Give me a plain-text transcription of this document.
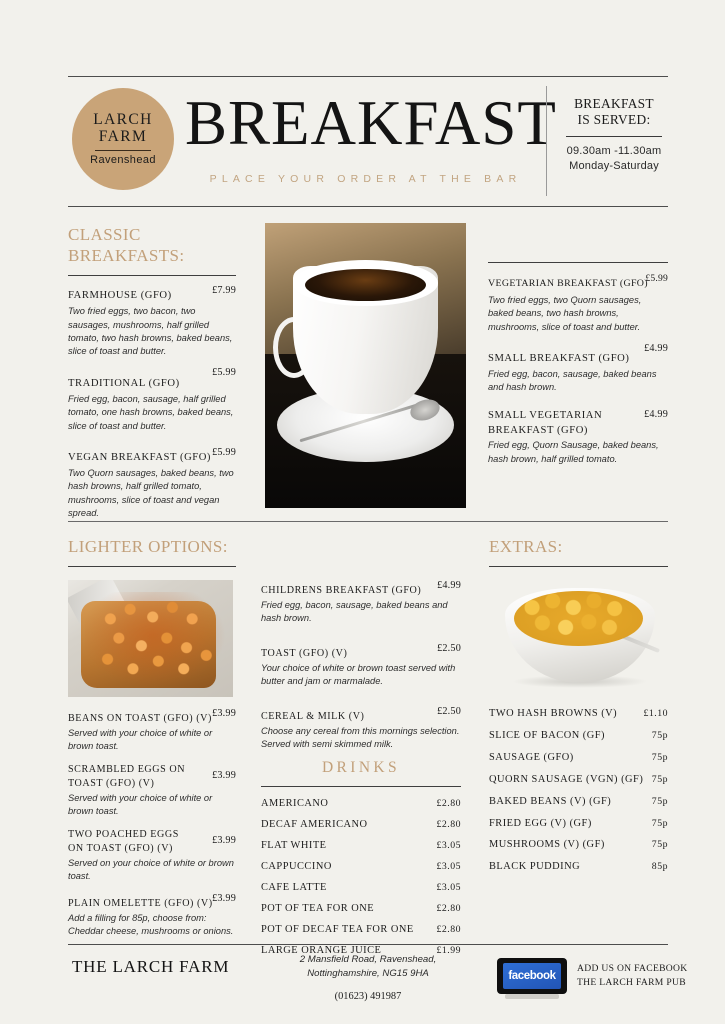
LARCH
FARM
Ravenshead
BREAKFAST
PLACE YOUR ORDER AT THE BAR
BREAKFAST
IS SERVED:
09.30am -11.30am
Monday-Saturday
CLASSIC
BREAKFASTS:
FARMHOUSE (GFO)	£7.99
Two fried eggs, two bacon, two sausages, mushrooms, half grilled tomato, two hash browns, baked beans, slice of toast and butter.
TRADITIONAL (GFO)
£5.99
Fried egg, bacon, sausage, half grilled tomato, one hash browns, baked beans, slice of toast and butter.
VEGAN BREAKFAST (GFO) £5.99
Two Quorn sausages, baked beans, two hash browns, half grilled tomato, mushrooms, slice of toast and vegan spread.
VEGETARIAN BREAKFAST (GFO)
£5.99
Two fried eggs, two Quorn sausages, baked beans, two hash browns, mushrooms, slice of toast and butter.
SMALL BREAKFAST (GFO)
£4.99
Fried egg, bacon, sausage, baked beans and hash brown.
SMALL VEGETARIAN BREAKFAST (GFO)
£4.99
Fried egg, Quorn Sausage, baked beans, hash brown, half grilled tomato.
LIGHTER OPTIONS:	EXTRAS:
BEANS ON TOAST (GFO) (V) £3.99
Served with your choice of white or brown toast.
SCRAMBLED EGGS ON TOAST (GFO) (V)
£3.99
Served with your choice of white or brown toast.
TWO POACHED EGGS ON TOAST (GFO) (V)
£3.99
Served on your choice of white or brown toast.
PLAIN OMELETTE (GFO) (V) £3.99
Add a filling for 85p, choose from: Cheddar cheese, mushrooms or onions.
CHILDRENS BREAKFAST (GFO) £4.99
Fried egg, bacon, sausage, baked beans and hash brown.
TOAST (GFO) (V)	£2.50
Your choice of white or brown toast served with butter and jam or marmalade.
CEREAL & MILK (V)	£2.50
Choose any cereal from this mornings selection. Served with semi skimmed milk.
DRINKS
AMERICANO	£2.80
DECAF AMERICANO	£2.80
FLAT WHITE	£3.05
CAPPUCCINO	£3.05
CAFE LATTE	£3.05
POT OF TEA FOR ONE	£2.80
POT OF DECAF TEA FOR ONE £2.80
LARGE ORANGE JUICE	£1.99
TWO HASH BROWNS (V)	£1.10
SLICE OF BACON (GF)	75p
SAUSAGE (GFO)	75p
QUORN SAUSAGE (VGN) (GF) 75p
BAKED BEANS (V) (GF)	75p
FRIED EGG (V) (GF)	75p
MUSHROOMS (V) (GF)	75p
BLACK PUDDING	85p
THE LARCH FARM	2 Mansfield Road, Ravenshead, Nottinghamshire, NG15 9HA
(01623) 491987
facebook
ADD US ON FACEBOOK
THE LARCH FARM PUB
